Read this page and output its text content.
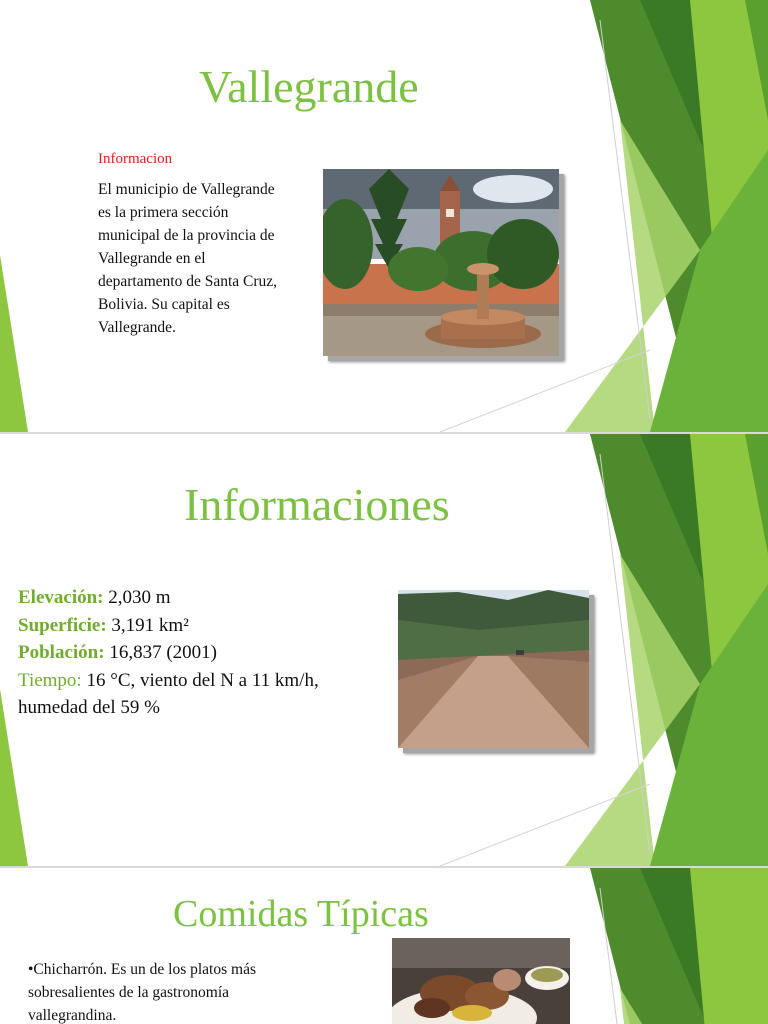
Vallegrande
Informacion
El municipio de Vallegrande es la primera sección municipal de la provincia de Vallegrande en el departamento de Santa Cruz, Bolivia. Su capital es Vallegrande.
Informaciones
Elevación: 2,030 m
Superficie: 3,191 km²
Población: 16,837 (2001)
Tiempo: 16 °C, viento del N a 11 km/h, humedad del 59 %
Comidas Típicas
•Chicharrón. Es un de los platos más sobresalientes de la gastronomía vallegrandina.
